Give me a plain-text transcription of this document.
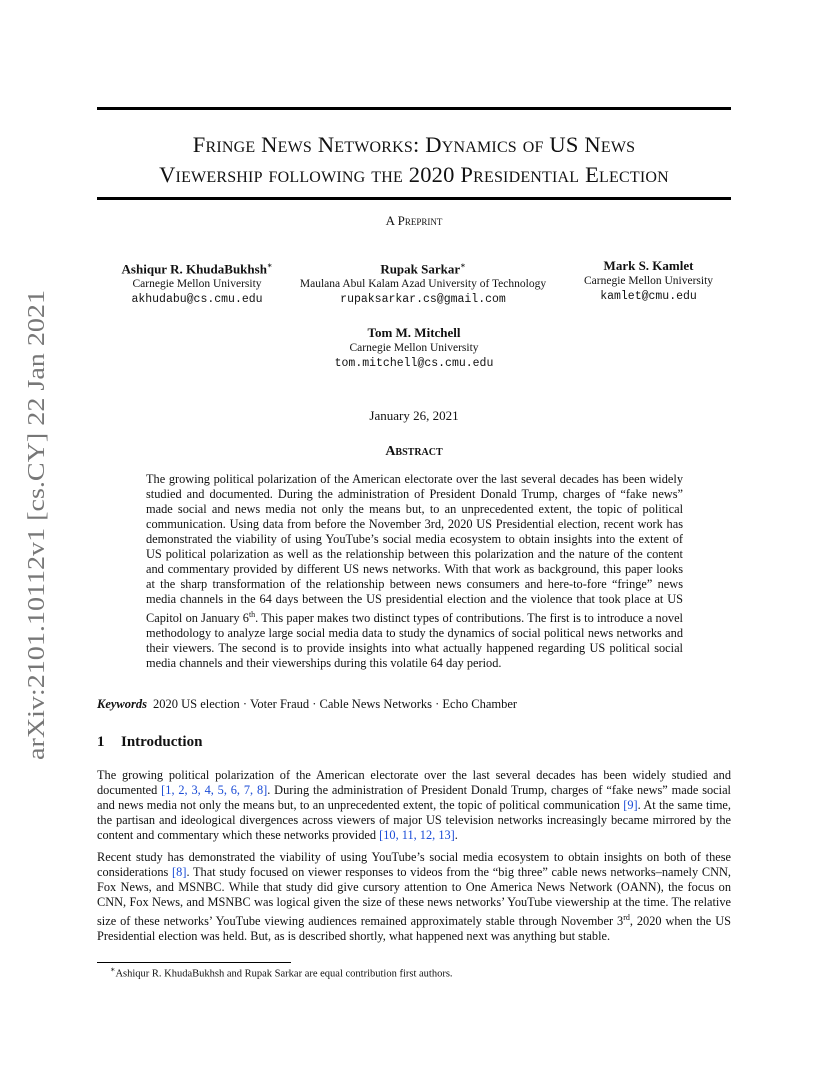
arXiv:2101.10112v1 [cs.CY] 22 Jan 2021
Fringe News Networks: Dynamics of US News
Viewership following the 2020 Presidential Election
A Preprint
Ashiqur R. KhudaBukhsh∗
Carnegie Mellon University
akhudabu@cs.cmu.edu
Rupak Sarkar∗
Maulana Abul Kalam Azad University of Technology
rupaksarkar.cs@gmail.com
Mark S. Kamlet
Carnegie Mellon University
kamlet@cmu.edu
Tom M. Mitchell
Carnegie Mellon University
tom.mitchell@cs.cmu.edu
January 26, 2021
Abstract
The growing political polarization of the American electorate over the last several decades has been widely studied and documented. During the administration of President Donald Trump, charges of “fake news” made social and news media not only the means but, to an unprecedented extent, the topic of political communication. Using data from before the November 3rd, 2020 US Presidential election, recent work has demonstrated the viability of using YouTube’s social media ecosystem to obtain insights into the extent of US political polarization as well as the relationship between this polarization and the nature of the content and commentary provided by different US news networks. With that work as background, this paper looks at the sharp transformation of the relationship between news consumers and here-to-fore “fringe” news media channels in the 64 days between the US presidential election and the violence that took place at US Capitol on January 6th. This paper makes two distinct types of contributions. The first is to introduce a novel methodology to analyze large social media data to study the dynamics of social political news networks and their viewers. The second is to provide insights into what actually happened regarding US political social media channels and their viewerships during this volatile 64 day period.
Keywords 2020 US election · Voter Fraud · Cable News Networks · Echo Chamber
1 Introduction

The growing political polarization of the American electorate over the last several decades has been widely studied and documented [1, 2, 3, 4, 5, 6, 7, 8]. During the administration of President Donald Trump, charges of “fake news” made social and news media not only the means but, to an unprecedented extent, the topic of political communication [9]. At the same time, the partisan and ideological divergences across viewers of major US television networks increasingly became mirrored by the content and commentary which these networks provided [10, 11, 12, 13].

Recent study has demonstrated the viability of using YouTube’s social media ecosystem to obtain insights on both of these considerations [8]. That study focused on viewer responses to videos from the “big three” cable news networks–namely CNN, Fox News, and MSNBC. While that study did give cursory attention to One America News Network (OANN), the focus on CNN, Fox News, and MSNBC was logical given the size of these news networks’ YouTube viewership at the time. The relative size of these networks’ YouTube viewing audiences remained approximately stable through November 3rd, 2020 when the US Presidential election was held. But, as is described shortly, what happened next was anything but stable.

∗Ashiqur R. KhudaBukhsh and Rupak Sarkar are equal contribution first authors.
